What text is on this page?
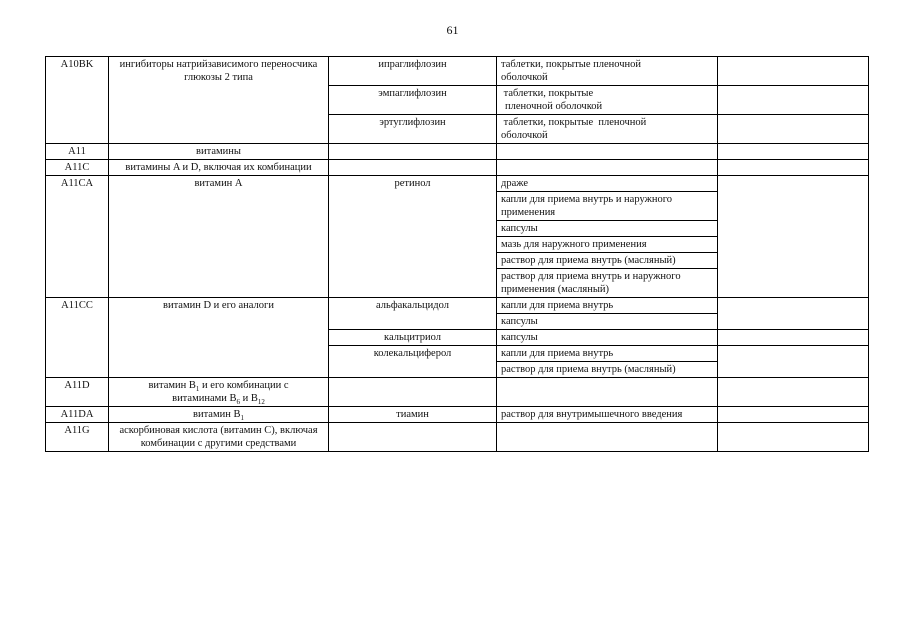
61
A10BK	ингибиторы натрийзависимого переносчика глюкозы 2 типа	ипраглифлозин	таблетки, покрытые пленочной
оболочкой	

		эмпаглифлозин	таблетки, покрытые
пленочной оболочкой	

		эртуглифлозин	таблетки, покрытые  пленочной
оболочкой	

A11	витамины			
A11C	витамины A и D, включая их комбинации			
A11CA	витамин A	ретинол	драже	
			капли для приема внутрь и наружного применения	
			капсулы	
			мазь для наружного применения	
			раствор для приема внутрь (масляный)	
			раствор для приема внутрь и наружного применения (масляный)	
A11CC	витамин D и его аналоги	альфакальцидол	капли для приема внутрь	
			капсулы	
		кальцитриол	капсулы	
		колекальциферол	капли для приема внутрь	
			раствор для приема внутрь (масляный)	
A11D	витамин $B_1$ и его комбинации с
витаминами $B_6$ и $B_{12}$			
A11DA	витамин $B_1$	тиамин	раствор для внутримышечного введения	
A11G	аскорбиновая кислота (витамин C), включая комбинации с другими средствами			
